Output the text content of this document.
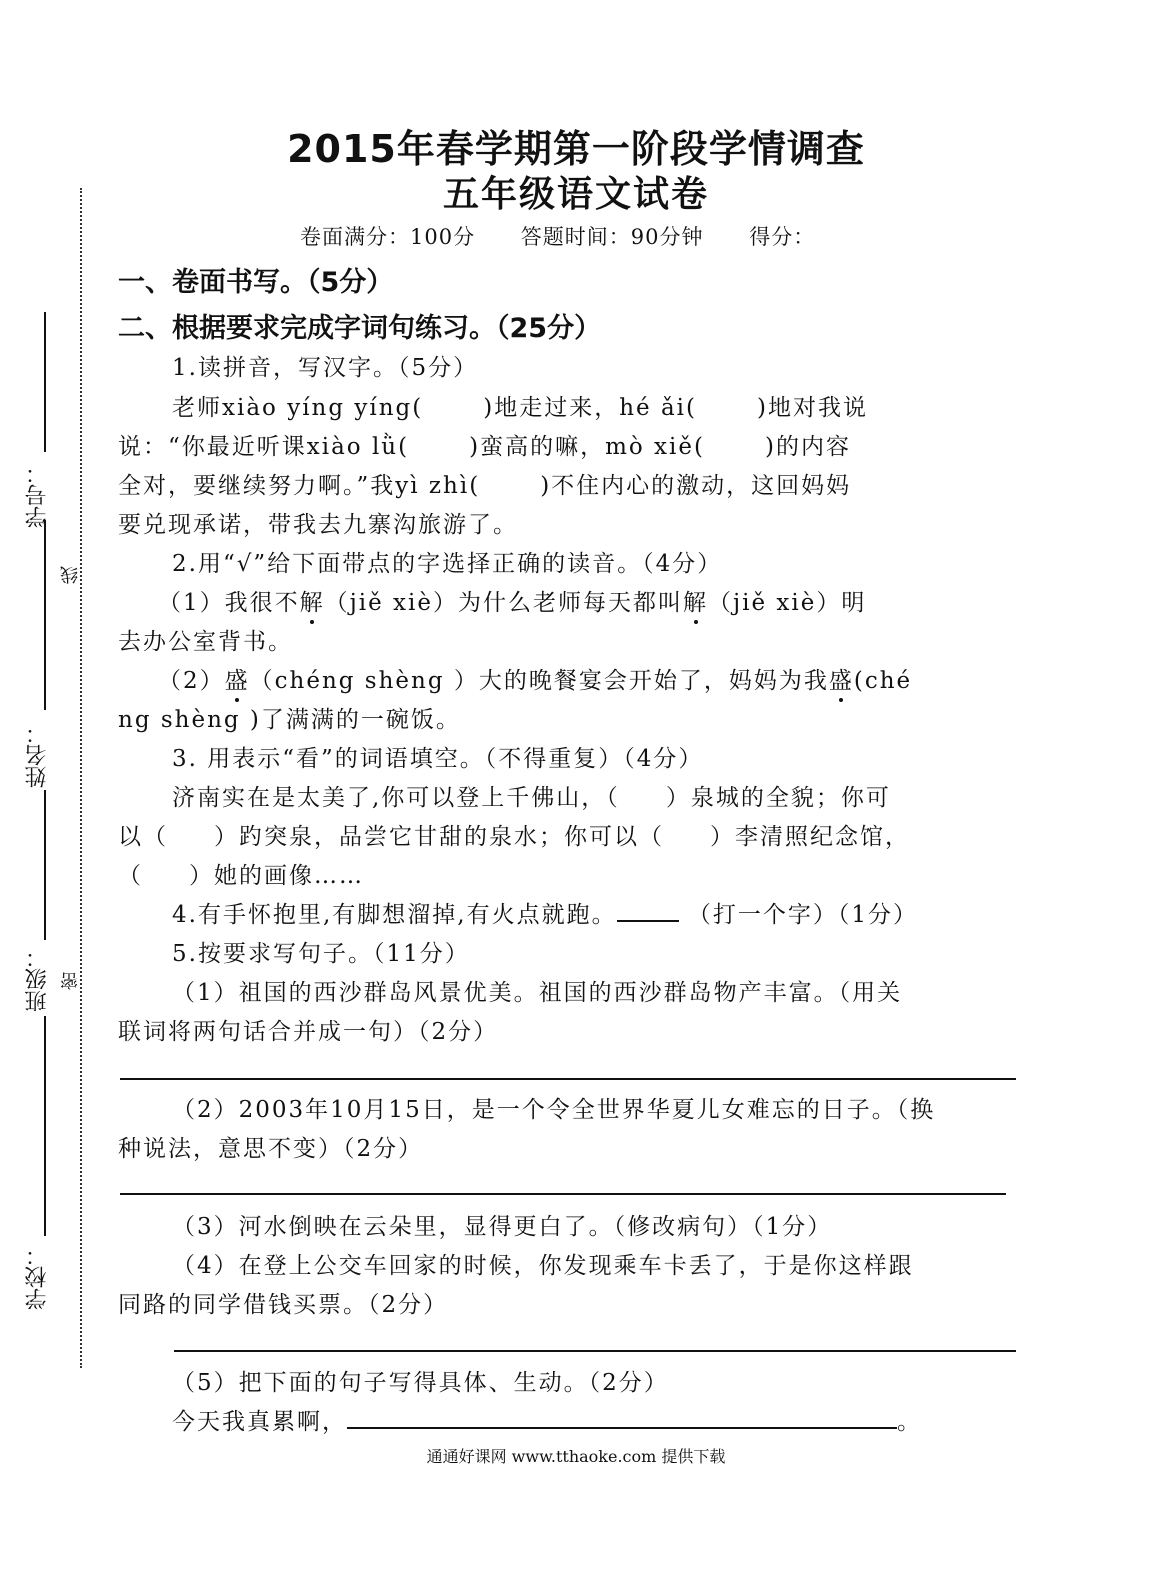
学号：
线
姓名：
班级： 密
学校：
2015年春学期第一阶段学情调查
五年级语文试卷
卷面满分：100分 答题时间：90分钟 得分：
一、卷面书写。（5分）
二、根据要求完成字词句练习。（25分）
1.读拼音，写汉字。（5分）
老师xiào yíng yíng(	)地走过来，hé ǎi(	)地对我说
说：“你最近听课xiào lǜ(	)蛮高的嘛，mò xiě(	)的内容
全对，要继续努力啊。”我yì zhì(	)不住内心的激动，这回妈妈
要兑现承诺，带我去九寨沟旅游了。
2.用“√”给下面带点的字选择正确的读音。（4分）
（1）我很不解（jiě xiè）为什么老师每天都叫解（jiě xiè）明
去办公室背书。
（2）盛（chéng shèng ）大的晚餐宴会开始了，妈妈为我盛(ché
ng shèng )了满满的一碗饭。
3. 用表示“看”的词语填空。（不得重复）（4分）
济南实在是太美了,你可以登上千佛山，（ ）泉城的全貌；你可
以（ ）趵突泉，品尝它甘甜的泉水；你可以（ ）李清照纪念馆，
（ ）她的画像……
4.有手怀抱里,有脚想溜掉,有火点就跑。	（打一个字）（1分）
5.按要求写句子。（11分）
（1）祖国的西沙群岛风景优美。祖国的西沙群岛物产丰富。（用关
联词将两句话合并成一句）（2分）
（2）2003年10月15日，是一个令全世界华夏儿女难忘的日子。（换
种说法，意思不变）（2分）
（3）河水倒映在云朵里，显得更白了。（修改病句）（1分）
（4）在登上公交车回家的时候，你发现乘车卡丢了，于是你这样跟
同路的同学借钱买票。（2分）
（5）把下面的句子写得具体、生动。（2分）
今天我真累啊，	。
通通好课网 www.tthaoke.com 提供下载
